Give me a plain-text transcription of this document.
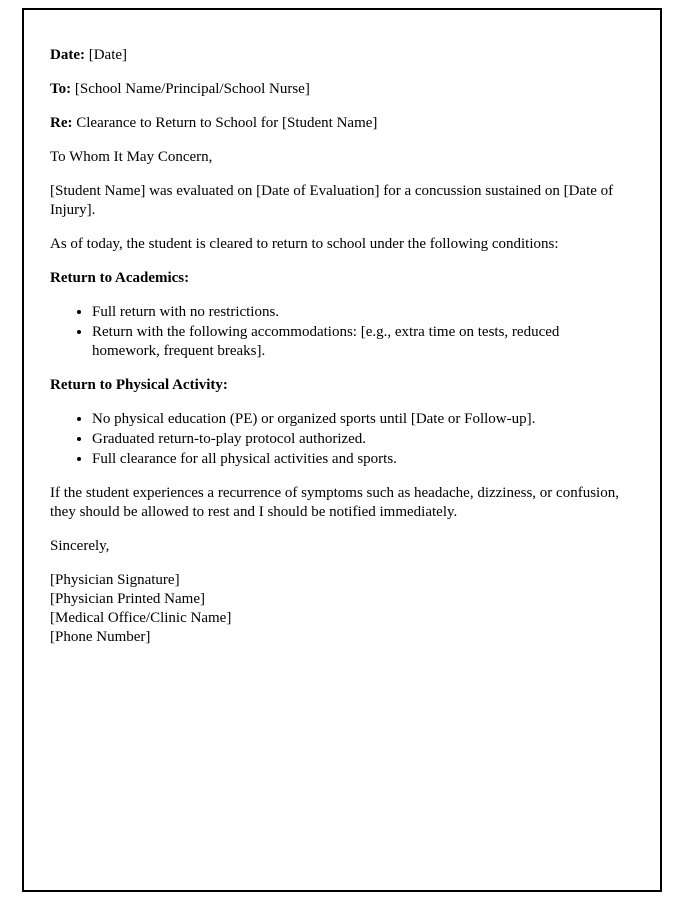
Date: [Date]

To: [School Name/Principal/School Nurse]

Re: Clearance to Return to School for [Student Name]

To Whom It May Concern,

[Student Name] was evaluated on [Date of Evaluation] for a concussion sustained on [Date of Injury].

As of today, the student is cleared to return to school under the following conditions:

Return to Academics:

• Full return with no restrictions.
• Return with the following accommodations: [e.g., extra time on tests, reduced homework, frequent breaks].

Return to Physical Activity:

• No physical education (PE) or organized sports until [Date or Follow-up].
• Graduated return-to-play protocol authorized.
• Full clearance for all physical activities and sports.

If the student experiences a recurrence of symptoms such as headache, dizziness, or confusion, they should be allowed to rest and I should be notified immediately.

Sincerely,

[Physician Signature]
[Physician Printed Name]
[Medical Office/Clinic Name]
[Phone Number]
